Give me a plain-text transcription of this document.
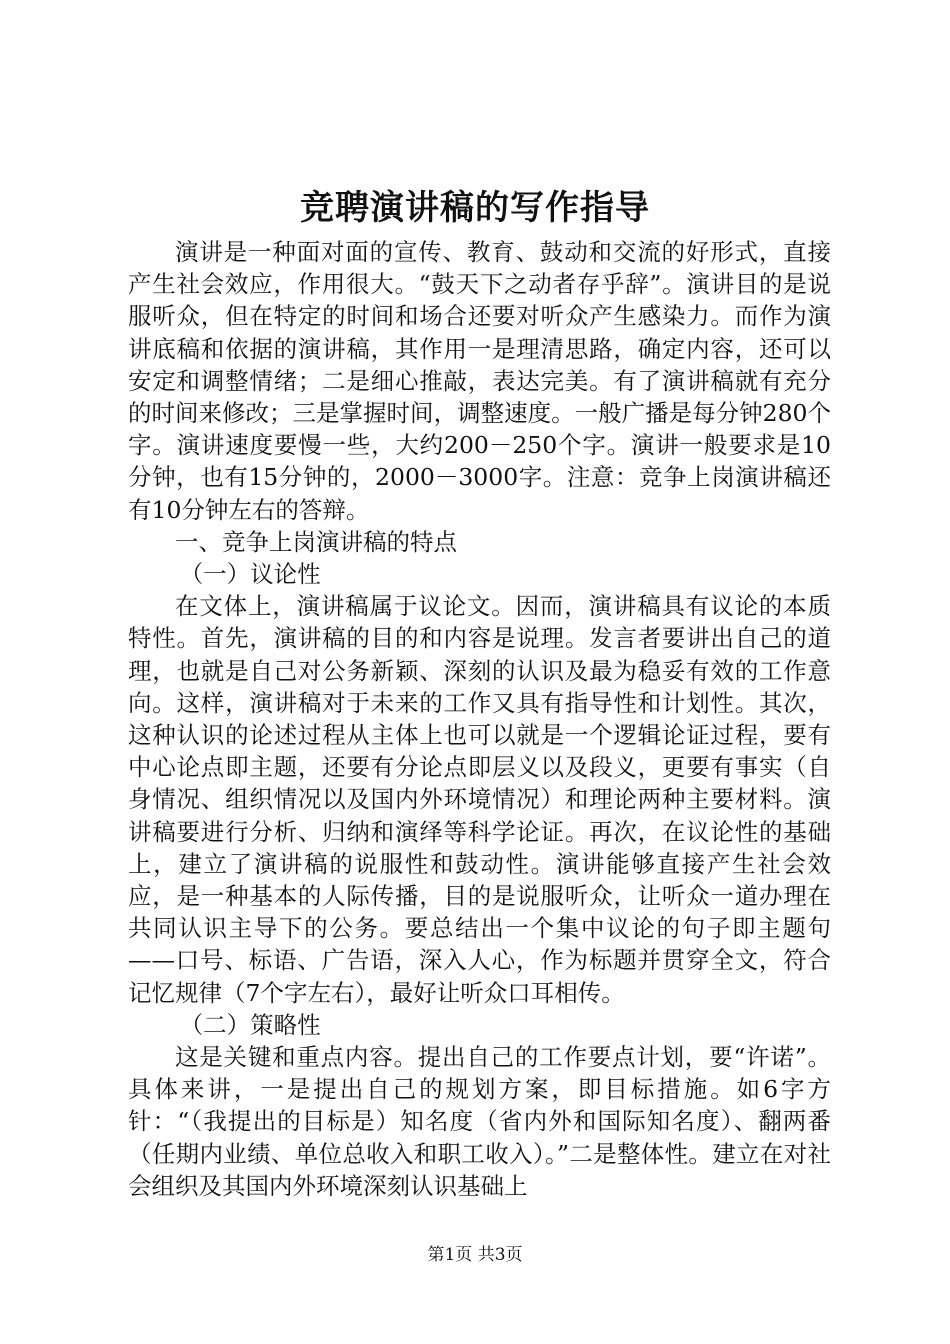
竞聘演讲稿的写作指导

演讲是一种面对面的宣传、教育、鼓动和交流的好形式，直接产生社会效应，作用很大。“鼓天下之动者存乎辞”。演讲目的是说服听众，但在特定的时间和场合还要对听众产生感染力。而作为演讲底稿和依据的演讲稿，其作用一是理清思路，确定内容，还可以安定和调整情绪；二是细心推敲，表达完美。有了演讲稿就有充分的时间来修改；三是掌握时间，调整速度。一般广播是每分钟280个字。演讲速度要慢一些，大约200－250个字。演讲一般要求是10分钟，也有15分钟的，2000－3000字。注意：竞争上岗演讲稿还有10分钟左右的答辩。

一、竞争上岗演讲稿的特点

（一）议论性

在文体上，演讲稿属于议论文。因而，演讲稿具有议论的本质特性。首先，演讲稿的目的和内容是说理。发言者要讲出自己的道理，也就是自己对公务新颖、深刻的认识及最为稳妥有效的工作意向。这样，演讲稿对于未来的工作又具有指导性和计划性。其次，这种认识的论述过程从主体上也可以就是一个逻辑论证过程，要有中心论点即主题，还要有分论点即层义以及段义，更要有事实（自身情况、组织情况以及国内外环境情况）和理论两种主要材料。演讲稿要进行分析、归纳和演绎等科学论证。再次，在议论性的基础上，建立了演讲稿的说服性和鼓动性。演讲能够直接产生社会效应，是一种基本的人际传播，目的是说服听众，让听众一道办理在共同认识主导下的公务。要总结出一个集中议论的句子即主题句——口号、标语、广告语，深入人心，作为标题并贯穿全文，符合记忆规律（7个字左右），最好让听众口耳相传。

（二）策略性

这是关键和重点内容。提出自己的工作要点计划，要“许诺”。具体来讲，一是提出自己的规划方案，即目标措施。如6字方针：“（我提出的目标是）知名度（省内外和国际知名度）、翻两番（任期内业绩、单位总收入和职工收入）。”二是整体性。建立在对社会组织及其国内外环境深刻认识基础上

第1页 共3页
